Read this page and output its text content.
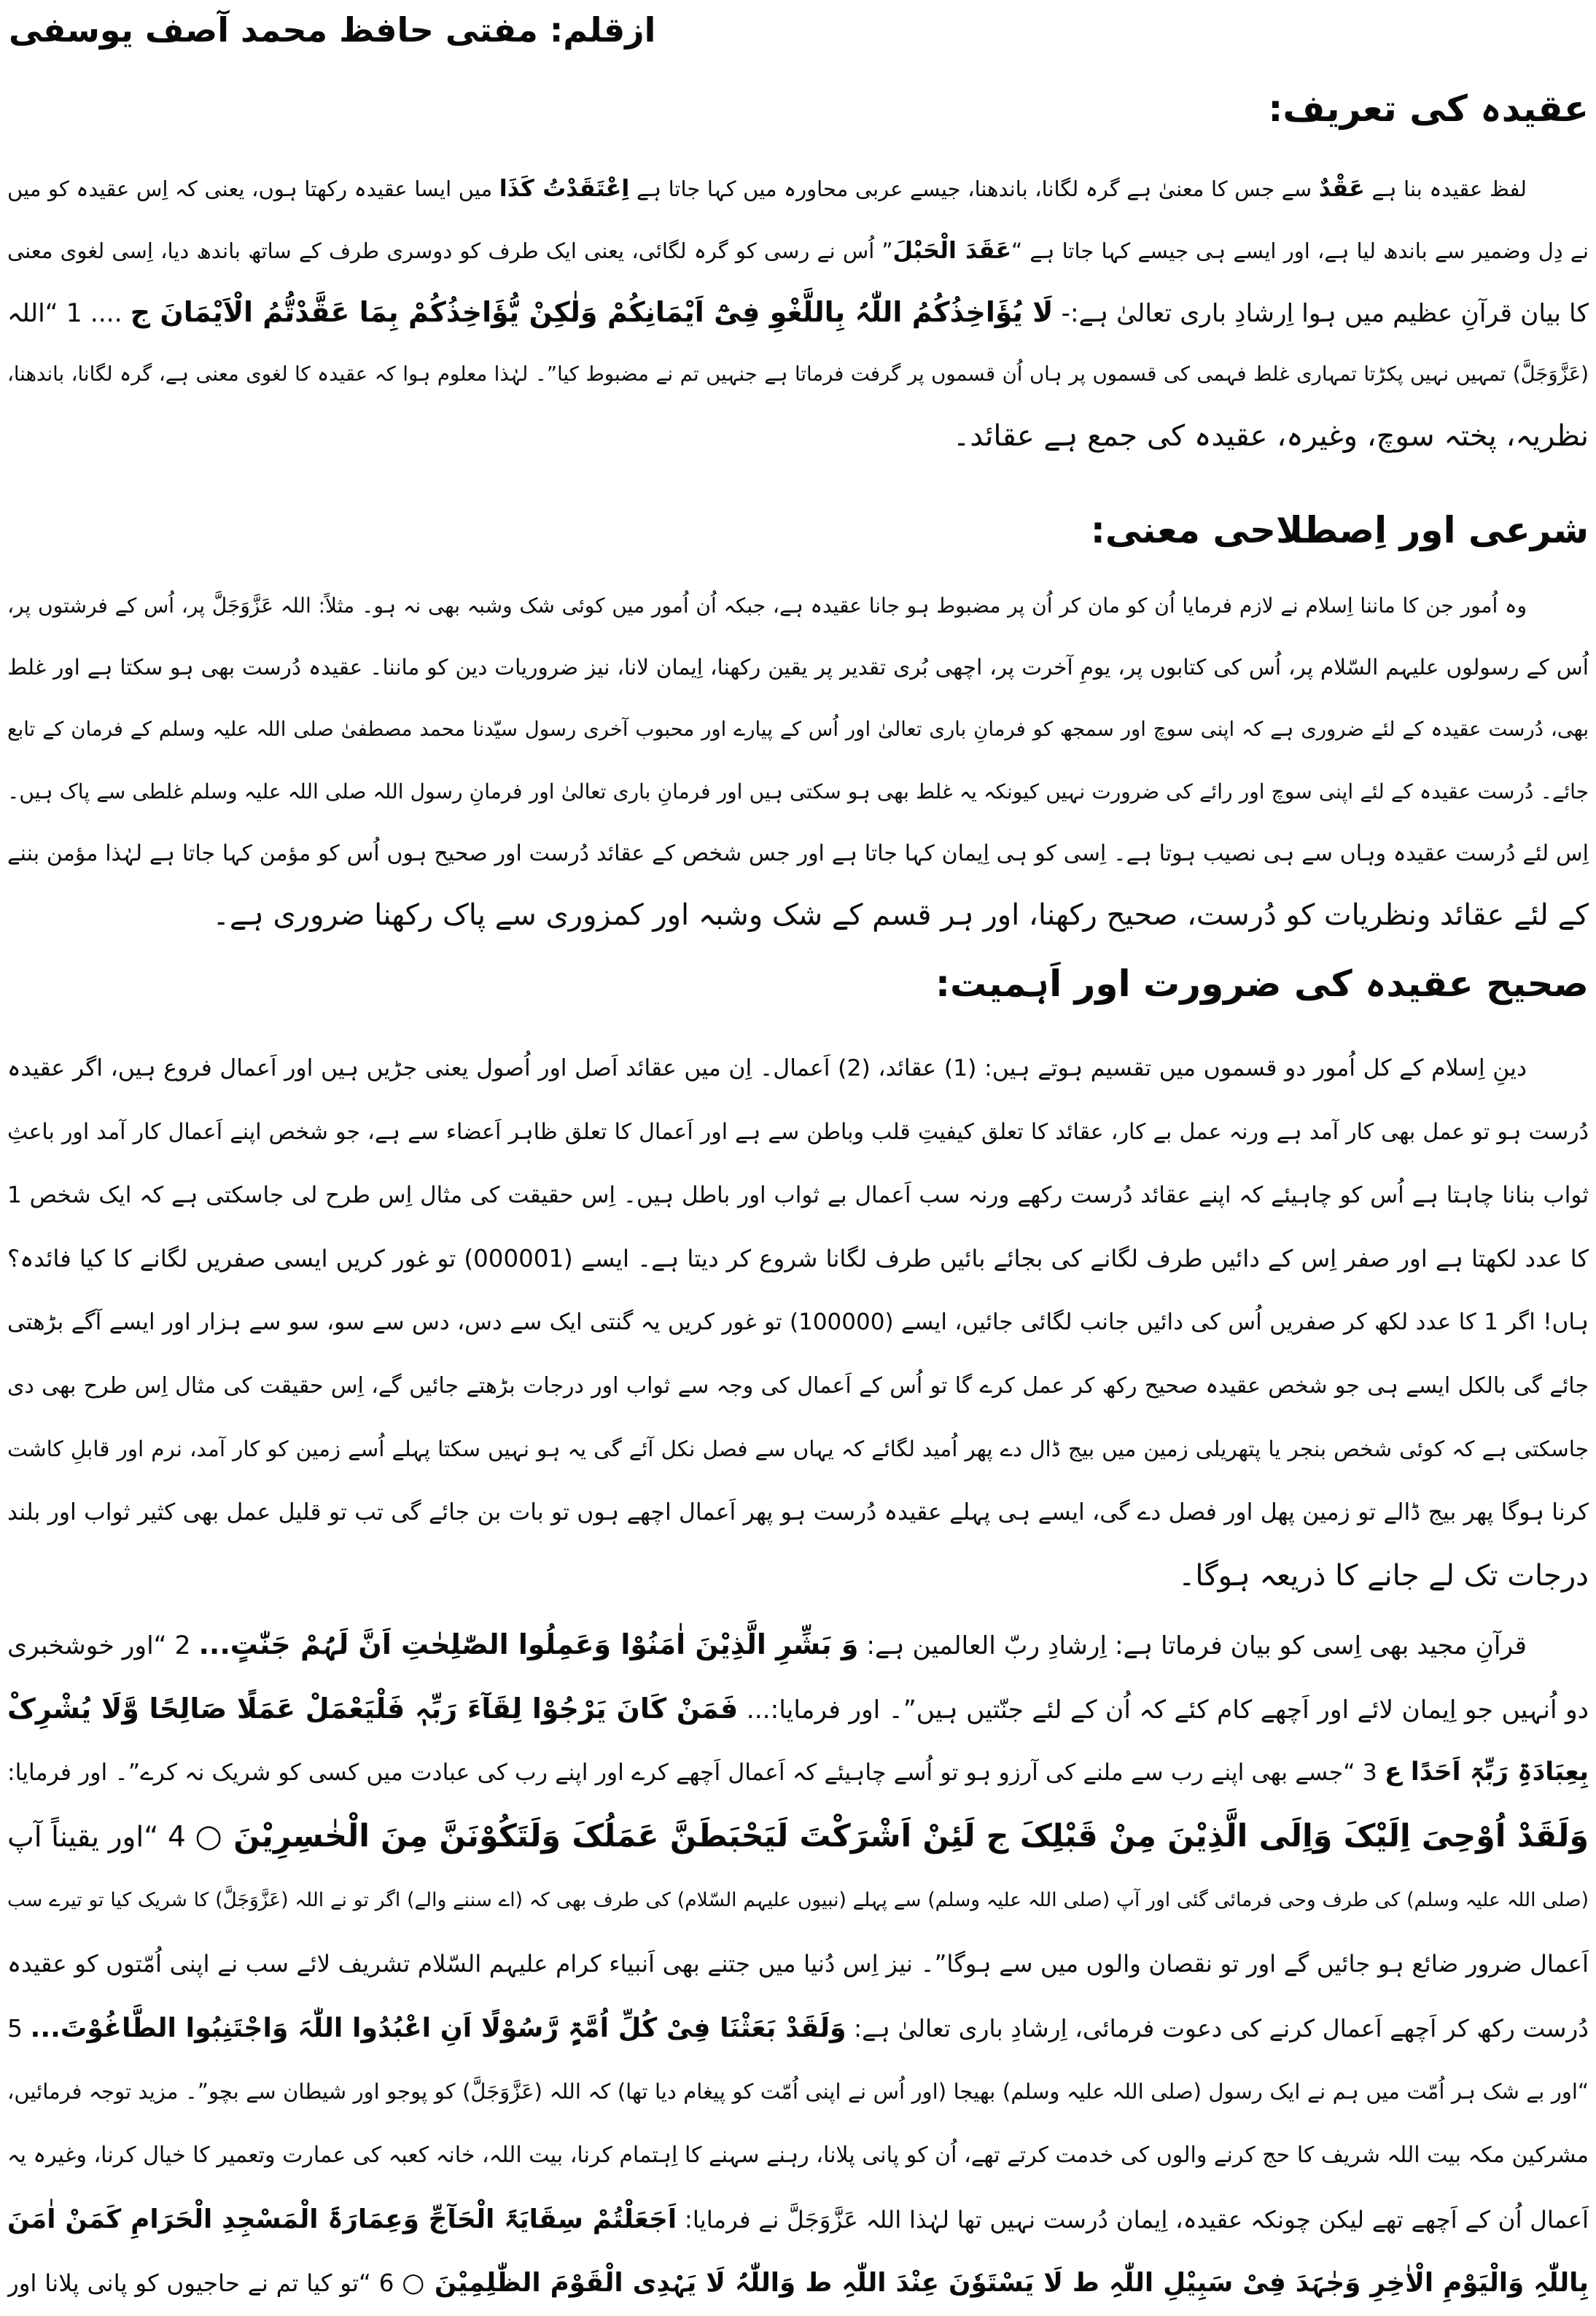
ازقلم: مفتی حافظ محمد آصف یوسفی
عقیدہ کی تعریف:
لفظ عقیدہ بنا ہے عَقْدٌ سے جس کا معنیٰ ہے گرہ لگانا، باندھنا، جیسے عربی محاورہ میں کہا جاتا ہے اِعْتَقَدْتُ کَذَا میں ایسا عقیدہ رکھتا ہوں، یعنی کہ اِس عقیدہ کو میں
نے دِل وضمیر سے باندھ لیا ہے، اور ایسے ہی جیسے کہا جاتا ہے “عَقَدَ الْحَبْلَ” اُس نے رسی کو گرہ لگائی، یعنی ایک طرف کو دوسری طرف کے ساتھ باندھ دیا، اِسی لغوی معنی
کا بیان قرآنِ عظیم میں ہوا اِرشادِ باری تعالیٰ ہے:- لَا یُؤَاخِذُکُمُ اللّٰہُ بِاللَّغْوِ فِیْٓ اَیْمَانِکُمْ وَلٰکِنْ یُّؤَاخِذُکُمْ بِمَا عَقَّدْتُّمُ الْاَیْمَانَ ج .... 1 “اللہ
(عَزَّوَجَلَّ) تمہیں نہیں پکڑتا تمہاری غلط فہمی کی قسموں پر ہاں اُن قسموں پر گرفت فرماتا ہے جنہیں تم نے مضبوط کیا”۔ لہٰذا معلوم ہوا کہ عقیدہ کا لغوی معنی ہے، گرہ لگانا، باندھنا،
نظریہ، پختہ سوچ، وغیرہ، عقیدہ کی جمع ہے عقائد۔
شرعی اور اِصطلاحی معنی:
وہ اُمور جن کا ماننا اِسلام نے لازم فرمایا اُن کو مان کر اُن پر مضبوط ہو جانا عقیدہ ہے، جبکہ اُن اُمور میں کوئی شک وشبہ بھی نہ ہو۔ مثلاً: اللہ عَزَّوَجَلَّ پر، اُس کے فرشتوں پر،
اُس کے رسولوں علیہم السّلام پر، اُس کی کتابوں پر، یومِ آخرت پر، اچھی بُری تقدیر پر یقین رکھنا، اِیمان لانا، نیز ضروریات دین کو ماننا۔ عقیدہ دُرست بھی ہو سکتا ہے اور غلط
بھی، دُرست عقیدہ کے لئے ضروری ہے کہ اپنی سوچ اور سمجھ کو فرمانِ باری تعالیٰ اور اُس کے پیارے اور محبوب آخری رسول سیّدنا محمد مصطفیٰ صلی اللہ علیہ وسلم کے فرمان کے تابع
جائے۔ دُرست عقیدہ کے لئے اپنی سوچ اور رائے کی ضرورت نہیں کیونکہ یہ غلط بھی ہو سکتی ہیں اور فرمانِ باری تعالیٰ اور فرمانِ رسول اللہ صلی اللہ علیہ وسلم غلطی سے پاک ہیں۔
اِس لئے دُرست عقیدہ وہاں سے ہی نصیب ہوتا ہے۔ اِسی کو ہی اِیمان کہا جاتا ہے اور جس شخص کے عقائد دُرست اور صحیح ہوں اُس کو مؤمن کہا جاتا ہے لہٰذا مؤمن بننے
کے لئے عقائد ونظریات کو دُرست، صحیح رکھنا، اور ہر قسم کے شک وشبہ اور کمزوری سے پاک رکھنا ضروری ہے۔
صحیح عقیدہ کی ضرورت اور اَہمیت:
دینِ اِسلام کے کل اُمور دو قسموں میں تقسیم ہوتے ہیں: (1) عقائد، (2) اَعمال۔ اِن میں عقائد اَصل اور اُصول یعنی جڑیں ہیں اور اَعمال فروع ہیں، اگر عقیدہ
دُرست ہو تو عمل بھی کار آمد ہے ورنہ عمل بے کار، عقائد کا تعلق کیفیتِ قلب وباطن سے ہے اور اَعمال کا تعلق ظاہر اَعضاء سے ہے، جو شخص اپنے اَعمال کار آمد اور باعثِ
ثواب بنانا چاہتا ہے اُس کو چاہیئے کہ اپنے عقائد دُرست رکھے ورنہ سب اَعمال بے ثواب اور باطل ہیں۔ اِس حقیقت کی مثال اِس طرح لی جاسکتی ہے کہ ایک شخص 1
کا عدد لکھتا ہے اور صفر اِس کے دائیں طرف لگانے کی بجائے بائیں طرف لگانا شروع کر دیتا ہے۔ ایسے (000001) تو غور کریں ایسی صفریں لگانے کا کیا فائدہ؟
ہاں! اگر 1 کا عدد لکھ کر صفریں اُس کی دائیں جانب لگائی جائیں، ایسے (100000) تو غور کریں یہ گنتی ایک سے دس، دس سے سو، سو سے ہزار اور ایسے آگے بڑھتی
جائے گی بالکل ایسے ہی جو شخص عقیدہ صحیح رکھ کر عمل کرے گا تو اُس کے اَعمال کی وجہ سے ثواب اور درجات بڑھتے جائیں گے، اِس حقیقت کی مثال اِس طرح بھی دی
جاسکتی ہے کہ کوئی شخص بنجر یا پتھریلی زمین میں بیج ڈال دے پھر اُمید لگائے کہ یہاں سے فصل نکل آئے گی یہ ہو نہیں سکتا پہلے اُسے زمین کو کار آمد، نرم اور قابلِ کاشت
کرنا ہوگا پھر بیج ڈالے تو زمین پھل اور فصل دے گی، ایسے ہی پہلے عقیدہ دُرست ہو پھر اَعمال اچھے ہوں تو بات بن جائے گی تب تو قلیل عمل بھی کثیر ثواب اور بلند
درجات تک لے جانے کا ذریعہ ہوگا۔
قرآنِ مجید بھی اِسی کو بیان فرماتا ہے: اِرشادِ ربّ العالمین ہے: وَ بَشِّرِ الَّذِیْنَ اٰمَنُوْا وَعَمِلُوا الصّٰلِحٰتِ اَنَّ لَہُمْ جَنّٰتٍ... 2 “اور خوشخبری
دو اُنہیں جو اِیمان لائے اور اَچھے کام کئے کہ اُن کے لئے جنّتیں ہیں”۔ اور فرمایا:... فَمَنْ کَانَ یَرْجُوْا لِقَآءَ رَبِّہٖ فَلْیَعْمَلْ عَمَلًا صَالِحًا وَّلَا یُشْرِکْ
بِعِبَادَۃِ رَبِّہٖٓ اَحَدًا ع 3 “جسے بھی اپنے رب سے ملنے کی آرزو ہو تو اُسے چاہیئے کہ اَعمال اَچھے کرے اور اپنے رب کی عبادت میں کسی کو شریک نہ کرے”۔ اور فرمایا:
وَلَقَدْ اُوْحِیَ اِلَیْکَ وَاِلَی الَّذِیْنَ مِنْ قَبْلِکَ ج لَئِنْ اَشْرَکْتَ لَیَحْبَطَنَّ عَمَلُکَ وَلَتَکُوْنَنَّ مِنَ الْخٰسِرِیْنَ ○ 4 “اور یقیناً آپ
(صلی اللہ علیہ وسلم) کی طرف وحی فرمائی گئی اور آپ (صلی اللہ علیہ وسلم) سے پہلے (نبیوں علیہم السّلام) کی طرف بھی کہ (اے سننے والے) اگر تو نے اللہ (عَزَّوَجَلَّ) کا شریک کیا تو تیرے سب
اَعمال ضرور ضائع ہو جائیں گے اور تو نقصان والوں میں سے ہوگا”۔ نیز اِس دُنیا میں جتنے بھی اَنبیاء کرام علیہم السّلام تشریف لائے سب نے اپنی اُمّتوں کو عقیدہ
دُرست رکھ کر اَچھے اَعمال کرنے کی دعوت فرمائی، اِرشادِ باری تعالیٰ ہے: وَلَقَدْ بَعَثْنَا فِیْ کُلِّ اُمَّۃٍ رَّسُوْلًا اَنِ اعْبُدُوا اللّٰہَ وَاجْتَنِبُوا الطَّاغُوْتَ... 5
“اور بے شک ہر اُمّت میں ہم نے ایک رسول (صلی اللہ علیہ وسلم) بھیجا (اور اُس نے اپنی اُمّت کو پیغام دیا تھا) کہ اللہ (عَزَّوَجَلَّ) کو پوجو اور شیطان سے بچو”۔ مزید توجہ فرمائیں،
مشرکین مکہ بیت اللہ شریف کا حج کرنے والوں کی خدمت کرتے تھے، اُن کو پانی پلانا، رہنے سہنے کا اِہتمام کرنا، بیت اللہ، خانہ کعبہ کی عمارت وتعمیر کا خیال کرنا، وغیرہ یہ
اَعمال اُن کے اَچھے تھے لیکن چونکہ عقیدہ، اِیمان دُرست نہیں تھا لہٰذا اللہ عَزَّوَجَلَّ نے فرمایا: اَجَعَلْتُمْ سِقَایَۃَ الْحَآجِّ وَعِمَارَۃَ الْمَسْجِدِ الْحَرَامِ کَمَنْ اٰمَنَ
بِاللّٰہِ وَالْیَوْمِ الْاٰخِرِ وَجٰہَدَ فِیْ سَبِیْلِ اللّٰہِ ط لَا یَسْتَوٗنَ عِنْدَ اللّٰہِ ط وَاللّٰہُ لَا یَہْدِی الْقَوْمَ الظّٰلِمِیْنَ ○ 6 “تو کیا تم نے حاجیوں کو پانی پلانا اور
